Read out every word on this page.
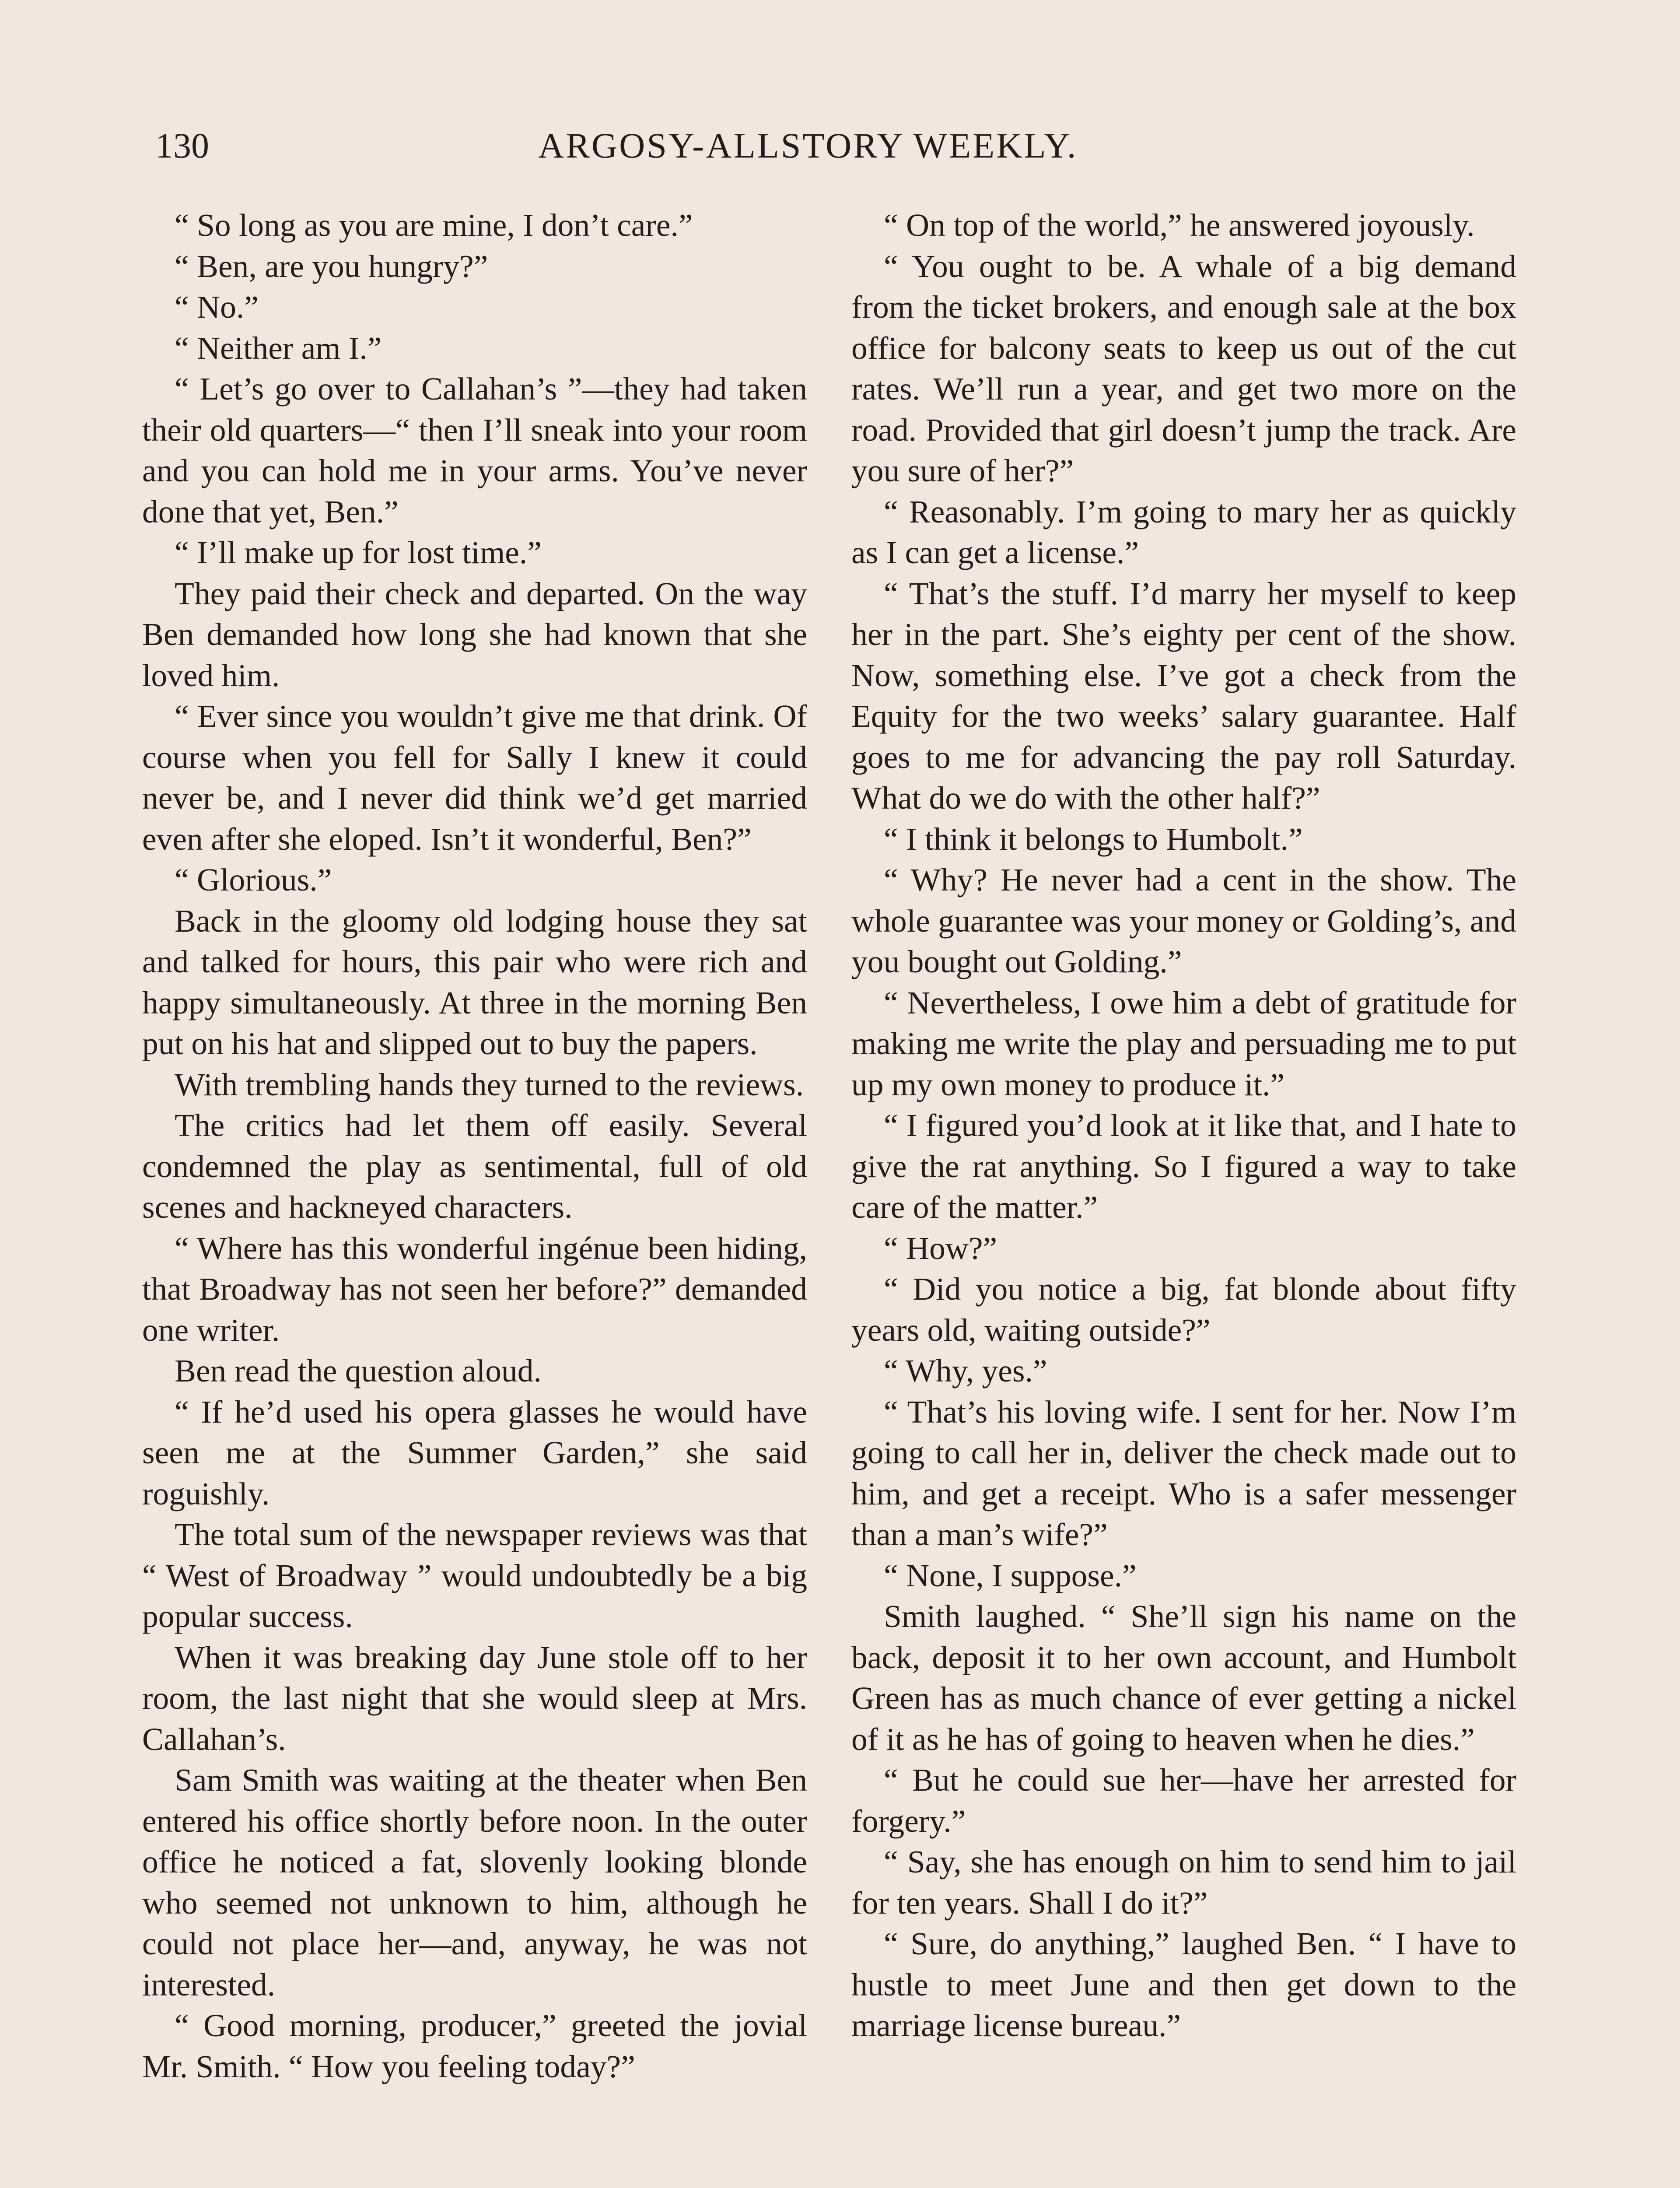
130	ARGOSY-ALLSTORY WEEKLY.

“ So long as you are mine, I don’t care.”

“ Ben, are you hungry?”

“ No.”

“ Neither am I.”

“ Let’s go over to Callahan’s ”—they had taken their old quarters—“ then I’ll sneak into your room and you can hold me in your arms. You’ve never done that yet, Ben.”

“ I’ll make up for lost time.”

They paid their check and departed. On the way Ben demanded how long she had known that she loved him.

“ Ever since you wouldn’t give me that drink. Of course when you fell for Sally I knew it could never be, and I never did think we’d get married even after she eloped. Isn’t it wonderful, Ben?”

“ Glorious.”

Back in the gloomy old lodging house they sat and talked for hours, this pair who were rich and happy simultaneously. At three in the morning Ben put on his hat and slipped out to buy the papers.

With trembling hands they turned to the reviews.

The critics had let them off easily. Several condemned the play as sentimental, full of old scenes and hackneyed characters.

“ Where has this wonderful ingénue been hiding, that Broadway has not seen her before?” demanded one writer.

Ben read the question aloud.

“ If he’d used his opera glasses he would have seen me at the Summer Garden,” she said roguishly.

The total sum of the newspaper reviews was that “ West of Broadway ” would undoubtedly be a big popular success.

When it was breaking day June stole off to her room, the last night that she would sleep at Mrs. Callahan’s.

Sam Smith was waiting at the theater when Ben entered his office shortly before noon. In the outer office he noticed a fat, slovenly looking blonde who seemed not unknown to him, although he could not place her—and, anyway, he was not interested.

“ Good morning, producer,” greeted the jovial Mr. Smith. “ How you feeling today?”

“ On top of the world,” he answered joyously.

“ You ought to be. A whale of a big demand from the ticket brokers, and enough sale at the box office for balcony seats to keep us out of the cut rates. We’ll run a year, and get two more on the road. Provided that girl doesn’t jump the track. Are you sure of her?”

“ Reasonably. I’m going to mary her as quickly as I can get a license.”

“ That’s the stuff. I’d marry her myself to keep her in the part. She’s eighty per cent of the show. Now, something else. I’ve got a check from the Equity for the two weeks’ salary guarantee. Half goes to me for advancing the pay roll Saturday. What do we do with the other half?”

“ I think it belongs to Humbolt.”

“ Why? He never had a cent in the show. The whole guarantee was your money or Golding’s, and you bought out Golding.”

“ Nevertheless, I owe him a debt of gratitude for making me write the play and persuading me to put up my own money to produce it.”

“ I figured you’d look at it like that, and I hate to give the rat anything. So I figured a way to take care of the matter.”

“ How?”

“ Did you notice a big, fat blonde about fifty years old, waiting outside?”

“ Why, yes.”

“ That’s his loving wife. I sent for her. Now I’m going to call her in, deliver the check made out to him, and get a receipt. Who is a safer messenger than a man’s wife?”

“ None, I suppose.”

Smith laughed. “ She’ll sign his name on the back, deposit it to her own account, and Humbolt Green has as much chance of ever getting a nickel of it as he has of going to heaven when he dies.”

“ But he could sue her—have her arrested for forgery.”

“ Say, she has enough on him to send him to jail for ten years. Shall I do it?”

“ Sure, do anything,” laughed Ben. “ I have to hustle to meet June and then get down to the marriage license bureau.”
